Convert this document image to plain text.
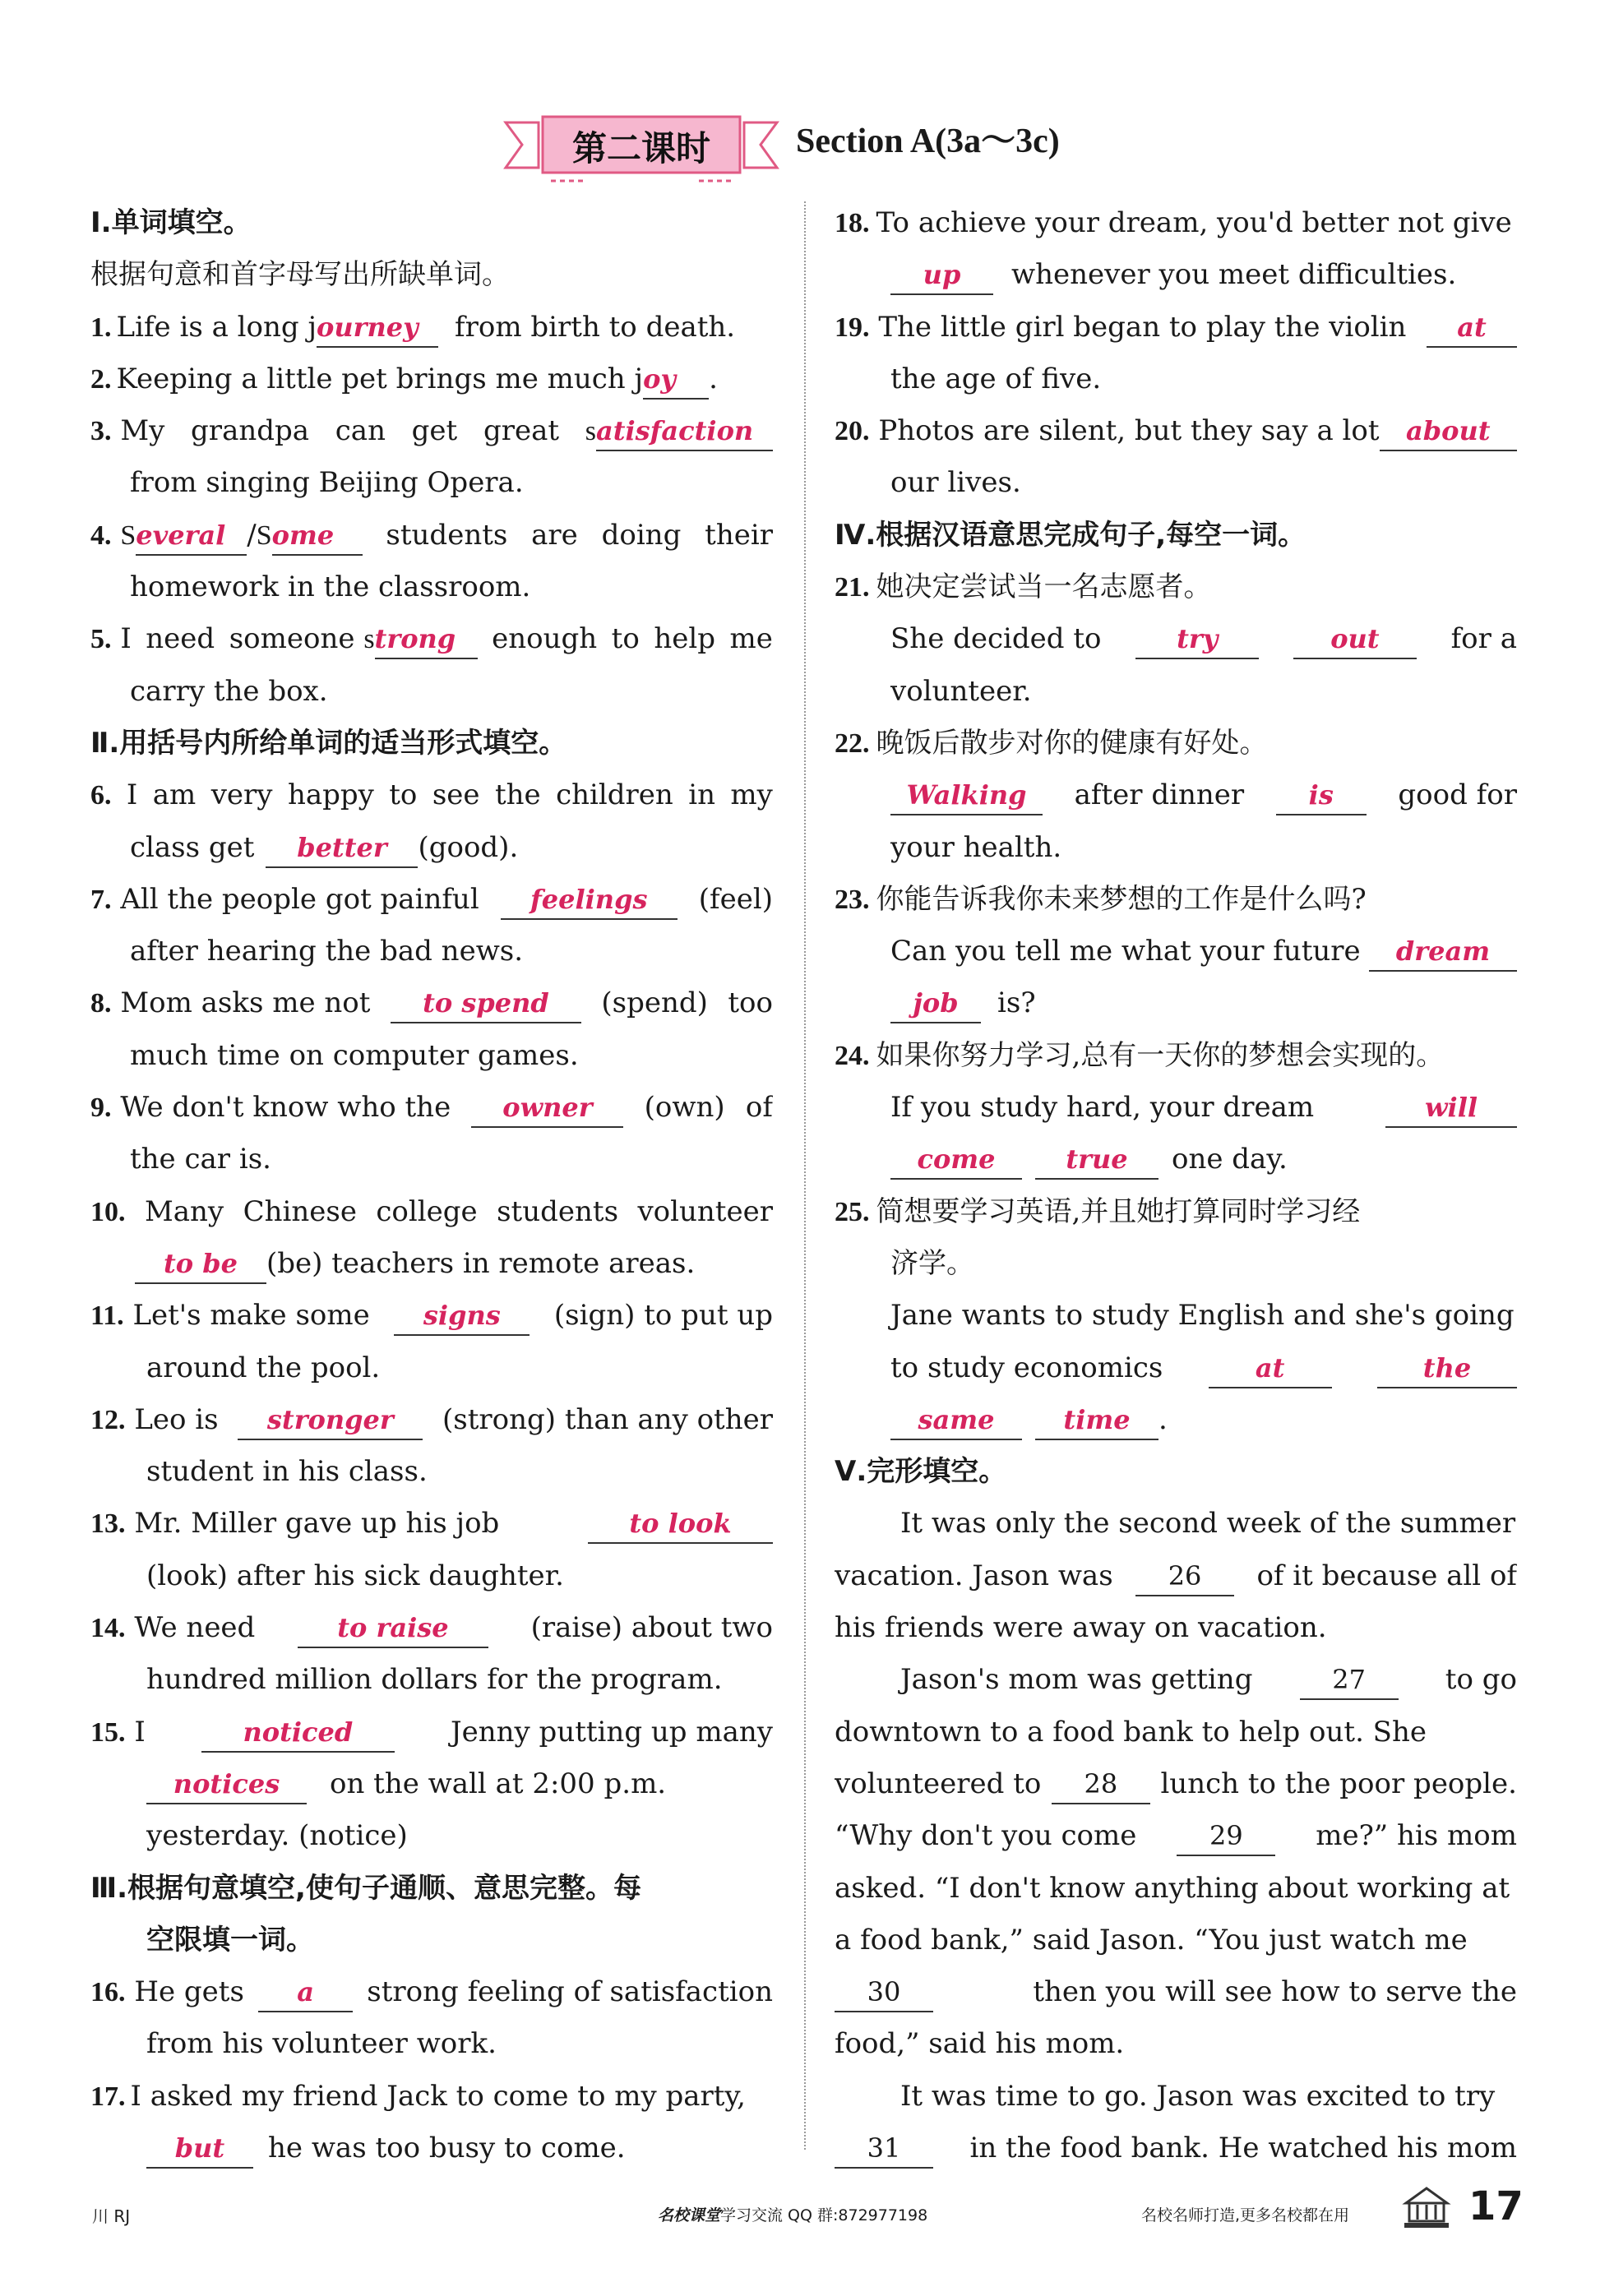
第二课时	Section A(3a～3c)
Ⅰ.单词填空。
根据句意和首字母写出所缺单词。
1. Life is a long j ourney	from birth to death.
2. Keeping a little pet brings me much j oy	.
3. My grandpa can get great satisfaction
from singing Beijing Opera.
4. Several /Some	students are doing their
homework in the classroom.
5. I need someone strong	enough to help me
carry the box.
Ⅱ.用括号内所给单词的适当形式填空。
6. I am very happy to see the children in my
class get	better	(good).
7. All the people got painful	feelings	(feel)
after hearing the bad news.
8. Mom asks me not	to spend	(spend) too
much time on computer games.
9. We don't know who the	owner	(own) of
the car is.
10. Many Chinese college students volunteer
to be	(be) teachers in remote areas.
11. Let's make some	signs	(sign) to put up
around the pool.
12. Leo is	stronger	(strong) than any other
student in his class.
13. Mr. Miller gave up his job	to look
(look) after his sick daughter.
14. We need	to raise	(raise) about two
hundred million dollars for the program.
15. I	noticed	Jenny putting up many
notices	on the wall at 2:00 p.m.
yesterday. (notice)
Ⅲ.根据句意填空,使句子通顺、意思完整。每
空限填一词。
16. He gets	a	strong feeling of satisfaction
from his volunteer work.
17. I asked my friend Jack to come to my party,
but	he was too busy to come.
18. To achieve your dream, you'd better not give
up	whenever you meet difficulties.
19. The little girl began to play the violin	at
the age of five.
20. Photos are silent, but they say a lot	about
our lives.
Ⅳ.根据汉语意思完成句子,每空一词。
21. 她决定尝试当一名志愿者。
She decided to	try	out	for a
volunteer.
22. 晚饭后散步对你的健康有好处。
Walking	after dinner	is	good for
your health.
23. 你能告诉我你未来梦想的工作是什么吗?
Can you tell me what your future	dream
job	is?
24. 如果你努力学习,总有一天你的梦想会实现的。
If you study hard, your dream	will
come	true	one day.
25. 简想要学习英语,并且她打算同时学习经
济学。
Jane wants to study English and she's going
to study economics	at	the
same	time	.
Ⅴ.完形填空。
It was only the second week of the summer
vacation. Jason was	26	of it because all of
his friends were away on vacation.
Jason's mom was getting	27	to go
downtown to a food bank to help out. She
volunteered to	28	lunch to the poor people.
“Why don't you come	29	me?” his mom
asked. “I don't know anything about working at
a food bank,” said Jason. “You just watch me
30	then you will see how to serve the
food,” said his mom.
It was time to go. Jason was excited to try
31	in the food bank. He watched his mom
川 RJ	名校课堂学习交流 QQ 群:872977198	名校名师打造,更多名校都在用	17
